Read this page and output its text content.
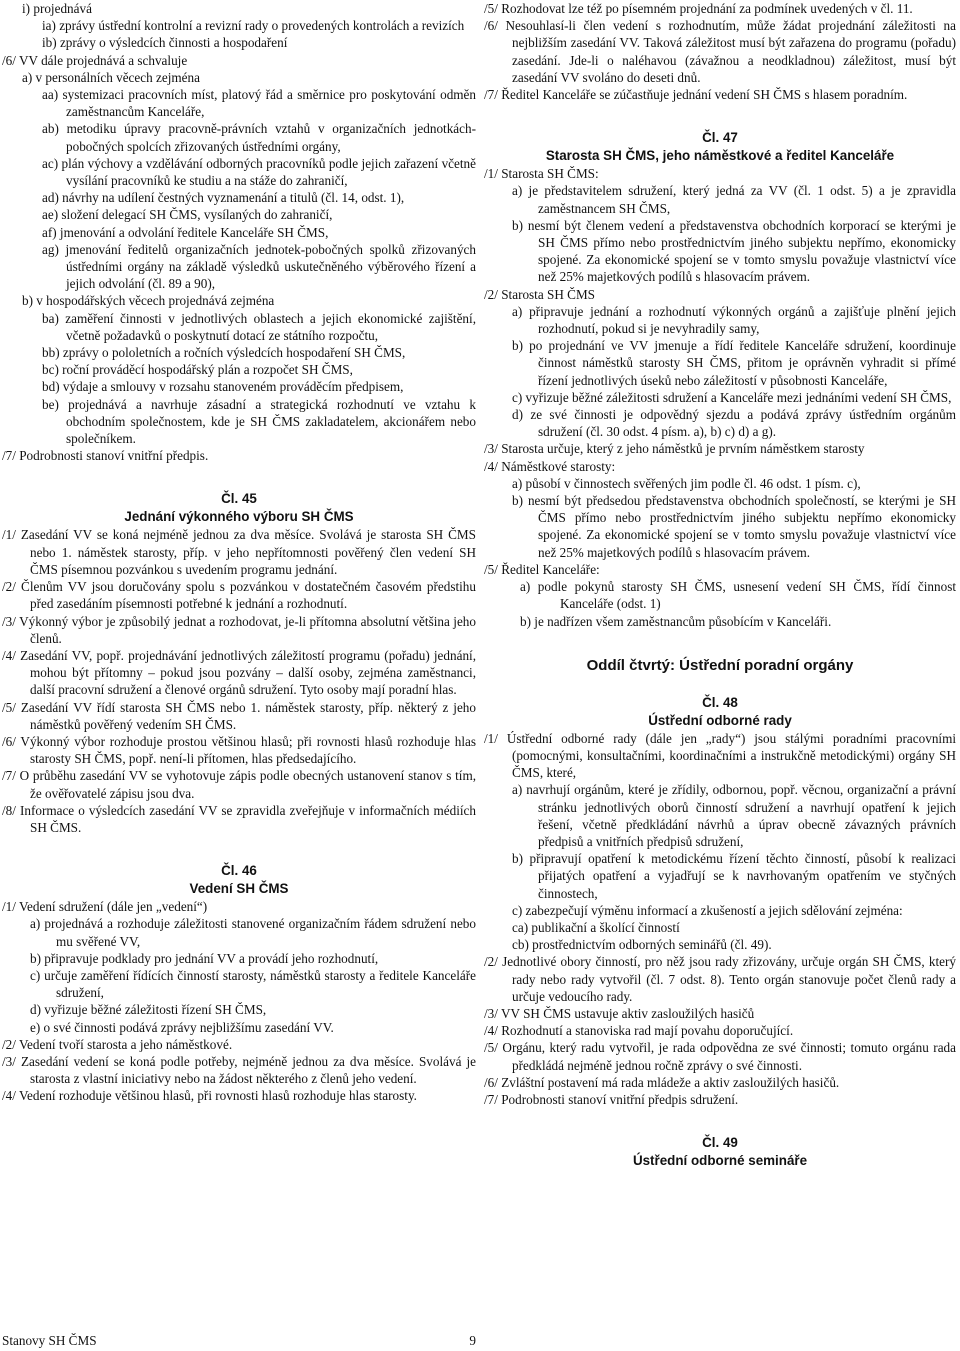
i) projednává
ia) zprávy ústřední kontrolní a revizní rady o provedených kontrolách a revizích
ib) zprávy o výsledcích činnosti a hospodaření
/6/ VV dále projednává a schvaluje
a) v personálních věcech zejména
aa) systemizaci pracovních míst, platový řád a směrnice pro poskytování odměn zaměstnancům Kanceláře,
ab) metodiku úpravy pracovně-právních vztahů v organizačních jednotkách-pobočných spolcích zřizovaných ústředními orgány,
ac) plán výchovy a vzdělávání odborných pracovníků podle jejich zařazení včetně vysílání pracovníků ke studiu a na stáže do zahraničí,
ad) návrhy na udílení čestných vyznamenání a titulů (čl. 14, odst. 1),
ae) složení delegací SH ČMS, vysílaných do zahraničí,
af) jmenování a odvolání ředitele Kanceláře SH ČMS,
ag) jmenování ředitelů organizačních jednotek-pobočných spolků zřizovaných ústředními orgány na základě výsledků uskutečněného výběrového řízení a jejich odvolání (čl. 89 a 90),
b) v hospodářských věcech projednává zejména
ba) zaměření činnosti v jednotlivých oblastech a jejich ekonomické zajištění, včetně požadavků o poskytnutí dotací ze státního rozpočtu,
bb) zprávy o pololetních a ročních výsledcích hospodaření SH ČMS,
bc) roční prováděcí hospodářský plán a rozpočet SH ČMS,
bd) výdaje a smlouvy v rozsahu stanoveném prováděcím předpisem,
be) projednává a navrhuje zásadní a strategická rozhodnutí ve vztahu k obchodním společnostem, kde je SH ČMS zakladatelem, akcionářem nebo společníkem.
/7/ Podrobnosti stanoví vnitřní předpis.
Čl. 45
Jednání výkonného výboru SH ČMS
/1/ Zasedání VV se koná nejméně jednou za dva měsíce. Svolává je starosta SH ČMS nebo 1. náměstek starosty, příp. v jeho nepřítomnosti pověřený člen vedení SH ČMS písemnou pozvánkou s uvedením programu jednání.
/2/ Členům VV jsou doručovány spolu s pozvánkou v dostatečném časovém předstihu před zasedáním písemnosti potřebné k jednání a rozhodnutí.
/3/ Výkonný výbor je způsobilý jednat a rozhodovat, je-li přítomna absolutní většina jeho členů.
/4/ Zasedání VV, popř. projednávání jednotlivých záležitostí programu (pořadu) jednání, mohou být přítomny – pokud jsou pozvány – další osoby, zejména zaměstnanci, další pracovní sdružení a členové orgánů sdružení. Tyto osoby mají poradní hlas.
/5/ Zasedání VV řídí starosta SH ČMS nebo 1. náměstek starosty, příp. některý z jeho náměstků pověřený vedením SH ČMS.
/6/ Výkonný výbor rozhoduje prostou většinou hlasů; při rovnosti hlasů rozhoduje hlas starosty SH ČMS, popř. není-li přítomen, hlas předsedajícího.
/7/ O průběhu zasedání VV se vyhotovuje zápis podle obecných ustanovení stanov s tím, že ověřovatelé zápisu jsou dva.
/8/ Informace o výsledcích zasedání VV se zpravidla zveřejňuje v informačních médiích SH ČMS.
Čl. 46
Vedení SH ČMS
/1/ Vedení sdružení (dále jen „vedení“)
a) projednává a rozhoduje záležitosti stanovené organizačním řádem sdružení nebo mu svěřené VV,
b) připravuje podklady pro jednání VV a provádí jeho rozhodnutí,
c) určuje zaměření řídících činností starosty, náměstků starosty a ředitele Kanceláře sdružení,
d) vyřizuje běžné záležitosti řízení SH ČMS,
e) o své činnosti podává zprávy nejbližšímu zasedání VV.
/2/ Vedení tvoří starosta a jeho náměstkové.
/3/ Zasedání vedení se koná podle potřeby, nejméně jednou za dva měsíce. Svolává je starosta z vlastní iniciativy nebo na žádost některého z členů jeho vedení.
/4/ Vedení rozhoduje většinou hlasů, při rovnosti hlasů rozhoduje hlas starosty.
/5/ Rozhodovat lze též po písemném projednání za podmínek uvedených v čl. 11.
/6/ Nesouhlasí-li člen vedení s rozhodnutím, může žádat projednání záležitosti na nejbližším zasedání VV. Taková záležitost musí být zařazena do programu (pořadu) zasedání. Jde-li o naléhavou (závažnou a neodkladnou) záležitost, musí být zasedání VV svoláno do deseti dnů.
/7/ Ředitel Kanceláře se zúčastňuje jednání vedení SH ČMS s hlasem poradním.
Čl. 47
Starosta SH ČMS, jeho náměstkové a ředitel Kanceláře
/1/ Starosta SH ČMS:
a) je představitelem sdružení, který jedná za VV (čl. 1 odst. 5) a je zpravidla zaměstnancem SH ČMS,
b) nesmí být členem vedení a představenstva obchodních korporací se kterými je SH ČMS přímo nebo prostřednictvím jiného subjektu nepřímo, ekonomicky spojené. Za ekonomické spojení se v tomto smyslu považuje vlastnictví více než 25% majetkových podílů s hlasovacím právem.
/2/ Starosta SH ČMS
a) připravuje jednání a rozhodnutí výkonných orgánů a zajišťuje plnění jejich rozhodnutí, pokud si je nevyhradily samy,
b) po projednání ve VV jmenuje a řídí ředitele Kanceláře sdružení, koordinuje činnost náměstků starosty SH ČMS, přitom je oprávněn vyhradit si přímé řízení jednotlivých úseků nebo záležitostí v působnosti Kanceláře,
c) vyřizuje běžné záležitosti sdružení a Kanceláře mezi jednáními vedení SH ČMS,
d) ze své činnosti je odpovědný sjezdu a podává zprávy ústředním orgánům sdružení (čl. 30 odst. 4 písm. a), b) c) d) a g).
/3/ Starosta určuje, který z jeho náměstků je prvním náměstkem starosty
/4/ Náměstkové starosty:
a) působí v činnostech svěřených jim podle čl. 46 odst. 1 písm. c),
b) nesmí být předsedou představenstva obchodních společností, se kterými je SH ČMS přímo nebo prostřednictvím jiného subjektu nepřímo ekonomicky spojené. Za ekonomické spojení se v tomto smyslu považuje vlastnictví více než 25% majetkových podílů s hlasovacím právem.
/5/ Ředitel Kanceláře:
a) podle pokynů starosty SH ČMS, usnesení vedení SH ČMS, řídí činnost Kanceláře (odst. 1)
b) je nadřízen všem zaměstnancům působícím v Kanceláři.
Oddíl čtvrtý: Ústřední poradní orgány
Čl. 48
Ústřední odborné rady
/1/ Ústřední odborné rady (dále jen „rady“) jsou stálými poradními pracovními (pomocnými, konsultačními, koordinačními a instrukčně metodickými) orgány SH ČMS, které,
a) navrhují orgánům, které je zřídily, odbornou, popř. věcnou, organizační a právní stránku jednotlivých oborů činností sdružení a navrhují opatření k jejich řešení, včetně předkládání návrhů a úprav obecně závazných právních předpisů a vnitřních předpisů sdružení,
b) připravují opatření k metodickému řízení těchto činností, působí k realizaci přijatých opatření a vyjadřují se k navrhovaným opatřením ve styčných činnostech,
c) zabezpečují výměnu informací a zkušeností a jejich sdělování zejména:
ca) publikační a školící činností
cb) prostřednictvím odborných seminářů (čl. 49).
/2/ Jednotlivé obory činností, pro něž jsou rady zřizovány, určuje orgán SH ČMS, který rady nebo rady vytvořil (čl. 7 odst. 8). Tento orgán stanovuje počet členů rady a určuje vedoucího rady.
/3/ VV SH ČMS ustavuje aktiv zasloužilých hasičů
/4/ Rozhodnutí a stanoviska rad mají povahu doporučující.
/5/ Orgánu, který radu vytvořil, je rada odpovědna ze své činnosti; tomuto orgánu rada předkládá nejméně jednou ročně zprávy o své činnosti.
/6/ Zvláštní postavení má rada mládeže a aktiv zasloužilých hasičů.
/7/ Podrobnosti stanoví vnitřní předpis sdružení.
Čl. 49
Ústřední odborné semináře
Stanovy SH ČMS	9
